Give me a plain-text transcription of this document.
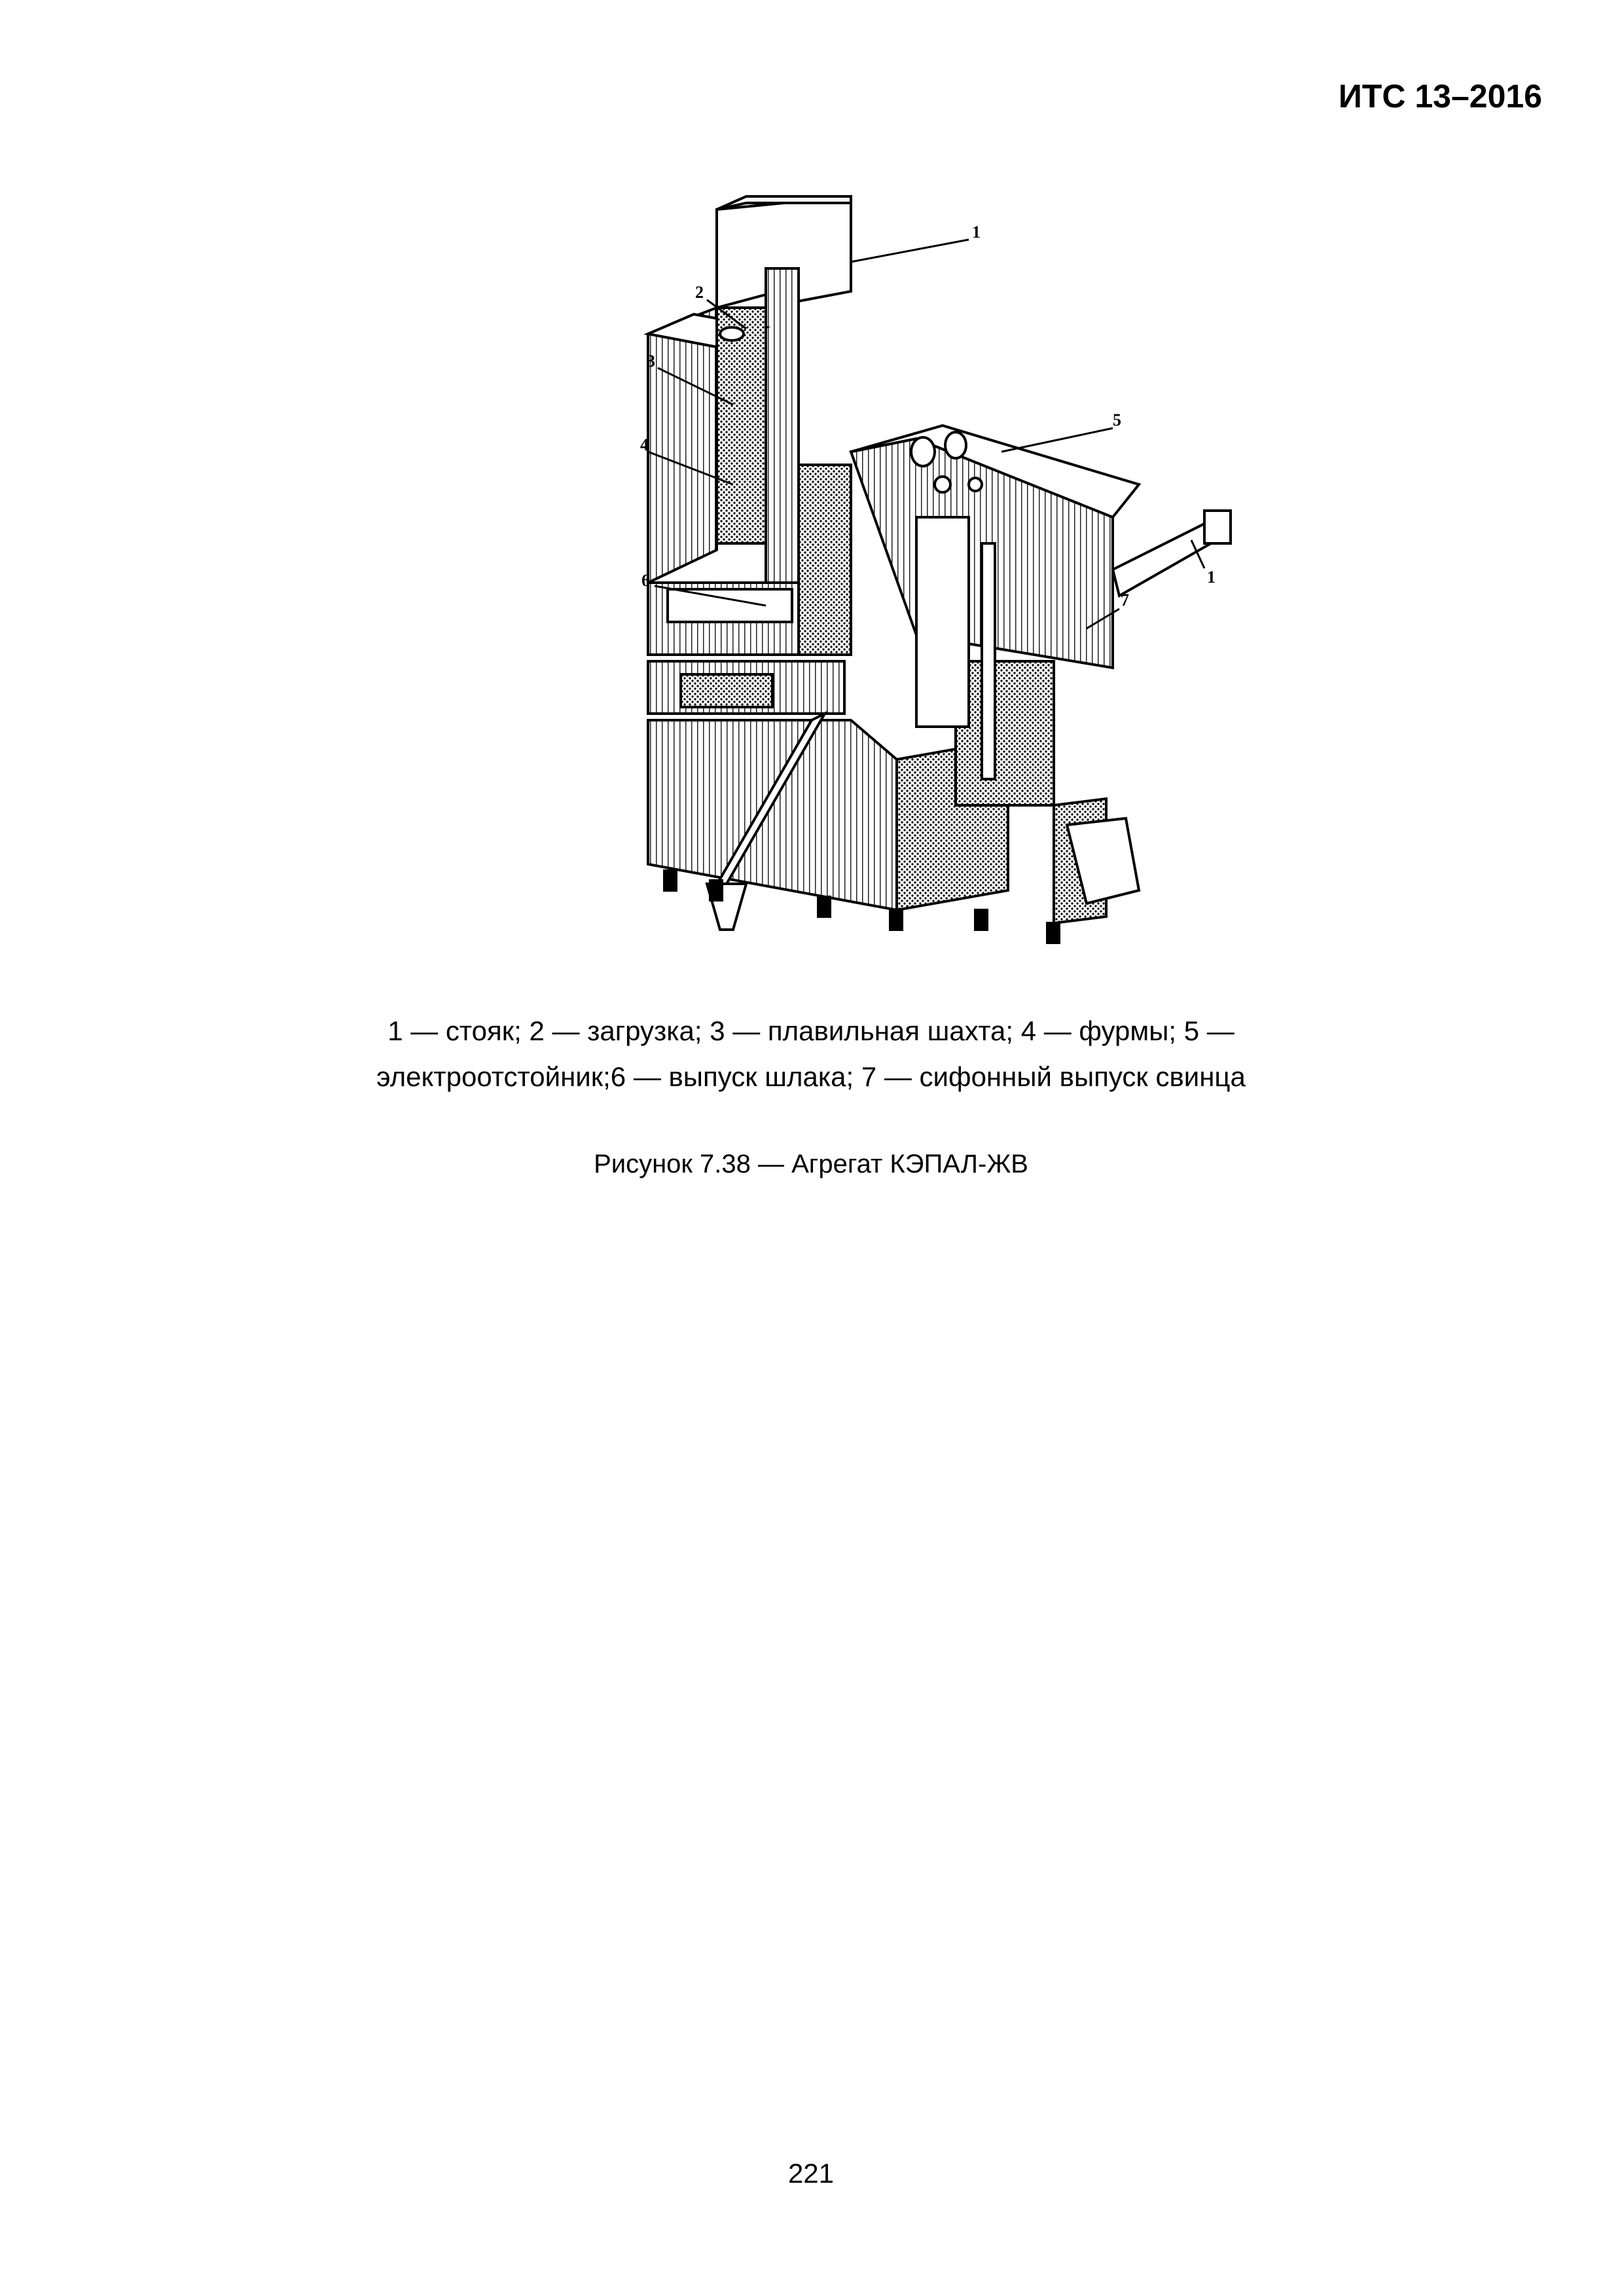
ИТС 13–2016
1
2
3
4
5
1
6
7
1 — стояк; 2 — загрузка; 3 — плавильная шахта; 4 — фурмы; 5 —
электроотстойник;6 — выпуск шлака; 7 — сифонный выпуск свинца
Рисунок 7.38 — Агрегат КЭПАЛ-ЖВ
221
